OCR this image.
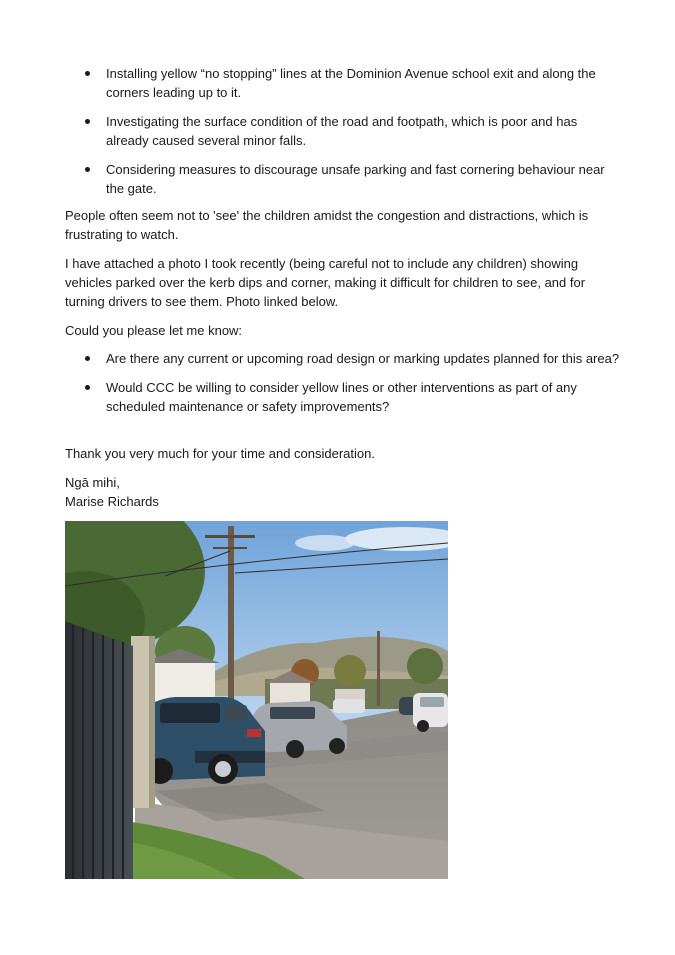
Installing yellow “no stopping” lines at the Dominion Avenue school exit and along the corners leading up to it.
Investigating the surface condition of the road and footpath, which is poor and has already caused several minor falls.
Considering measures to discourage unsafe parking and fast cornering behaviour near the gate.

People often seem not to 'see' the children amidst the congestion and distractions, which is frustrating to watch.

I have attached a photo I took recently (being careful not to include any children) showing vehicles parked over the kerb dips and corner, making it difficult for children to see, and for turning drivers to see them. Photo linked below.

Could you please let me know:

Are there any current or upcoming road design or marking updates planned for this area?
Would CCC be willing to consider yellow lines or other interventions as part of any scheduled maintenance or safety improvements?

Thank you very much for your time and consideration.

Ngā mihi,

Marise Richards
